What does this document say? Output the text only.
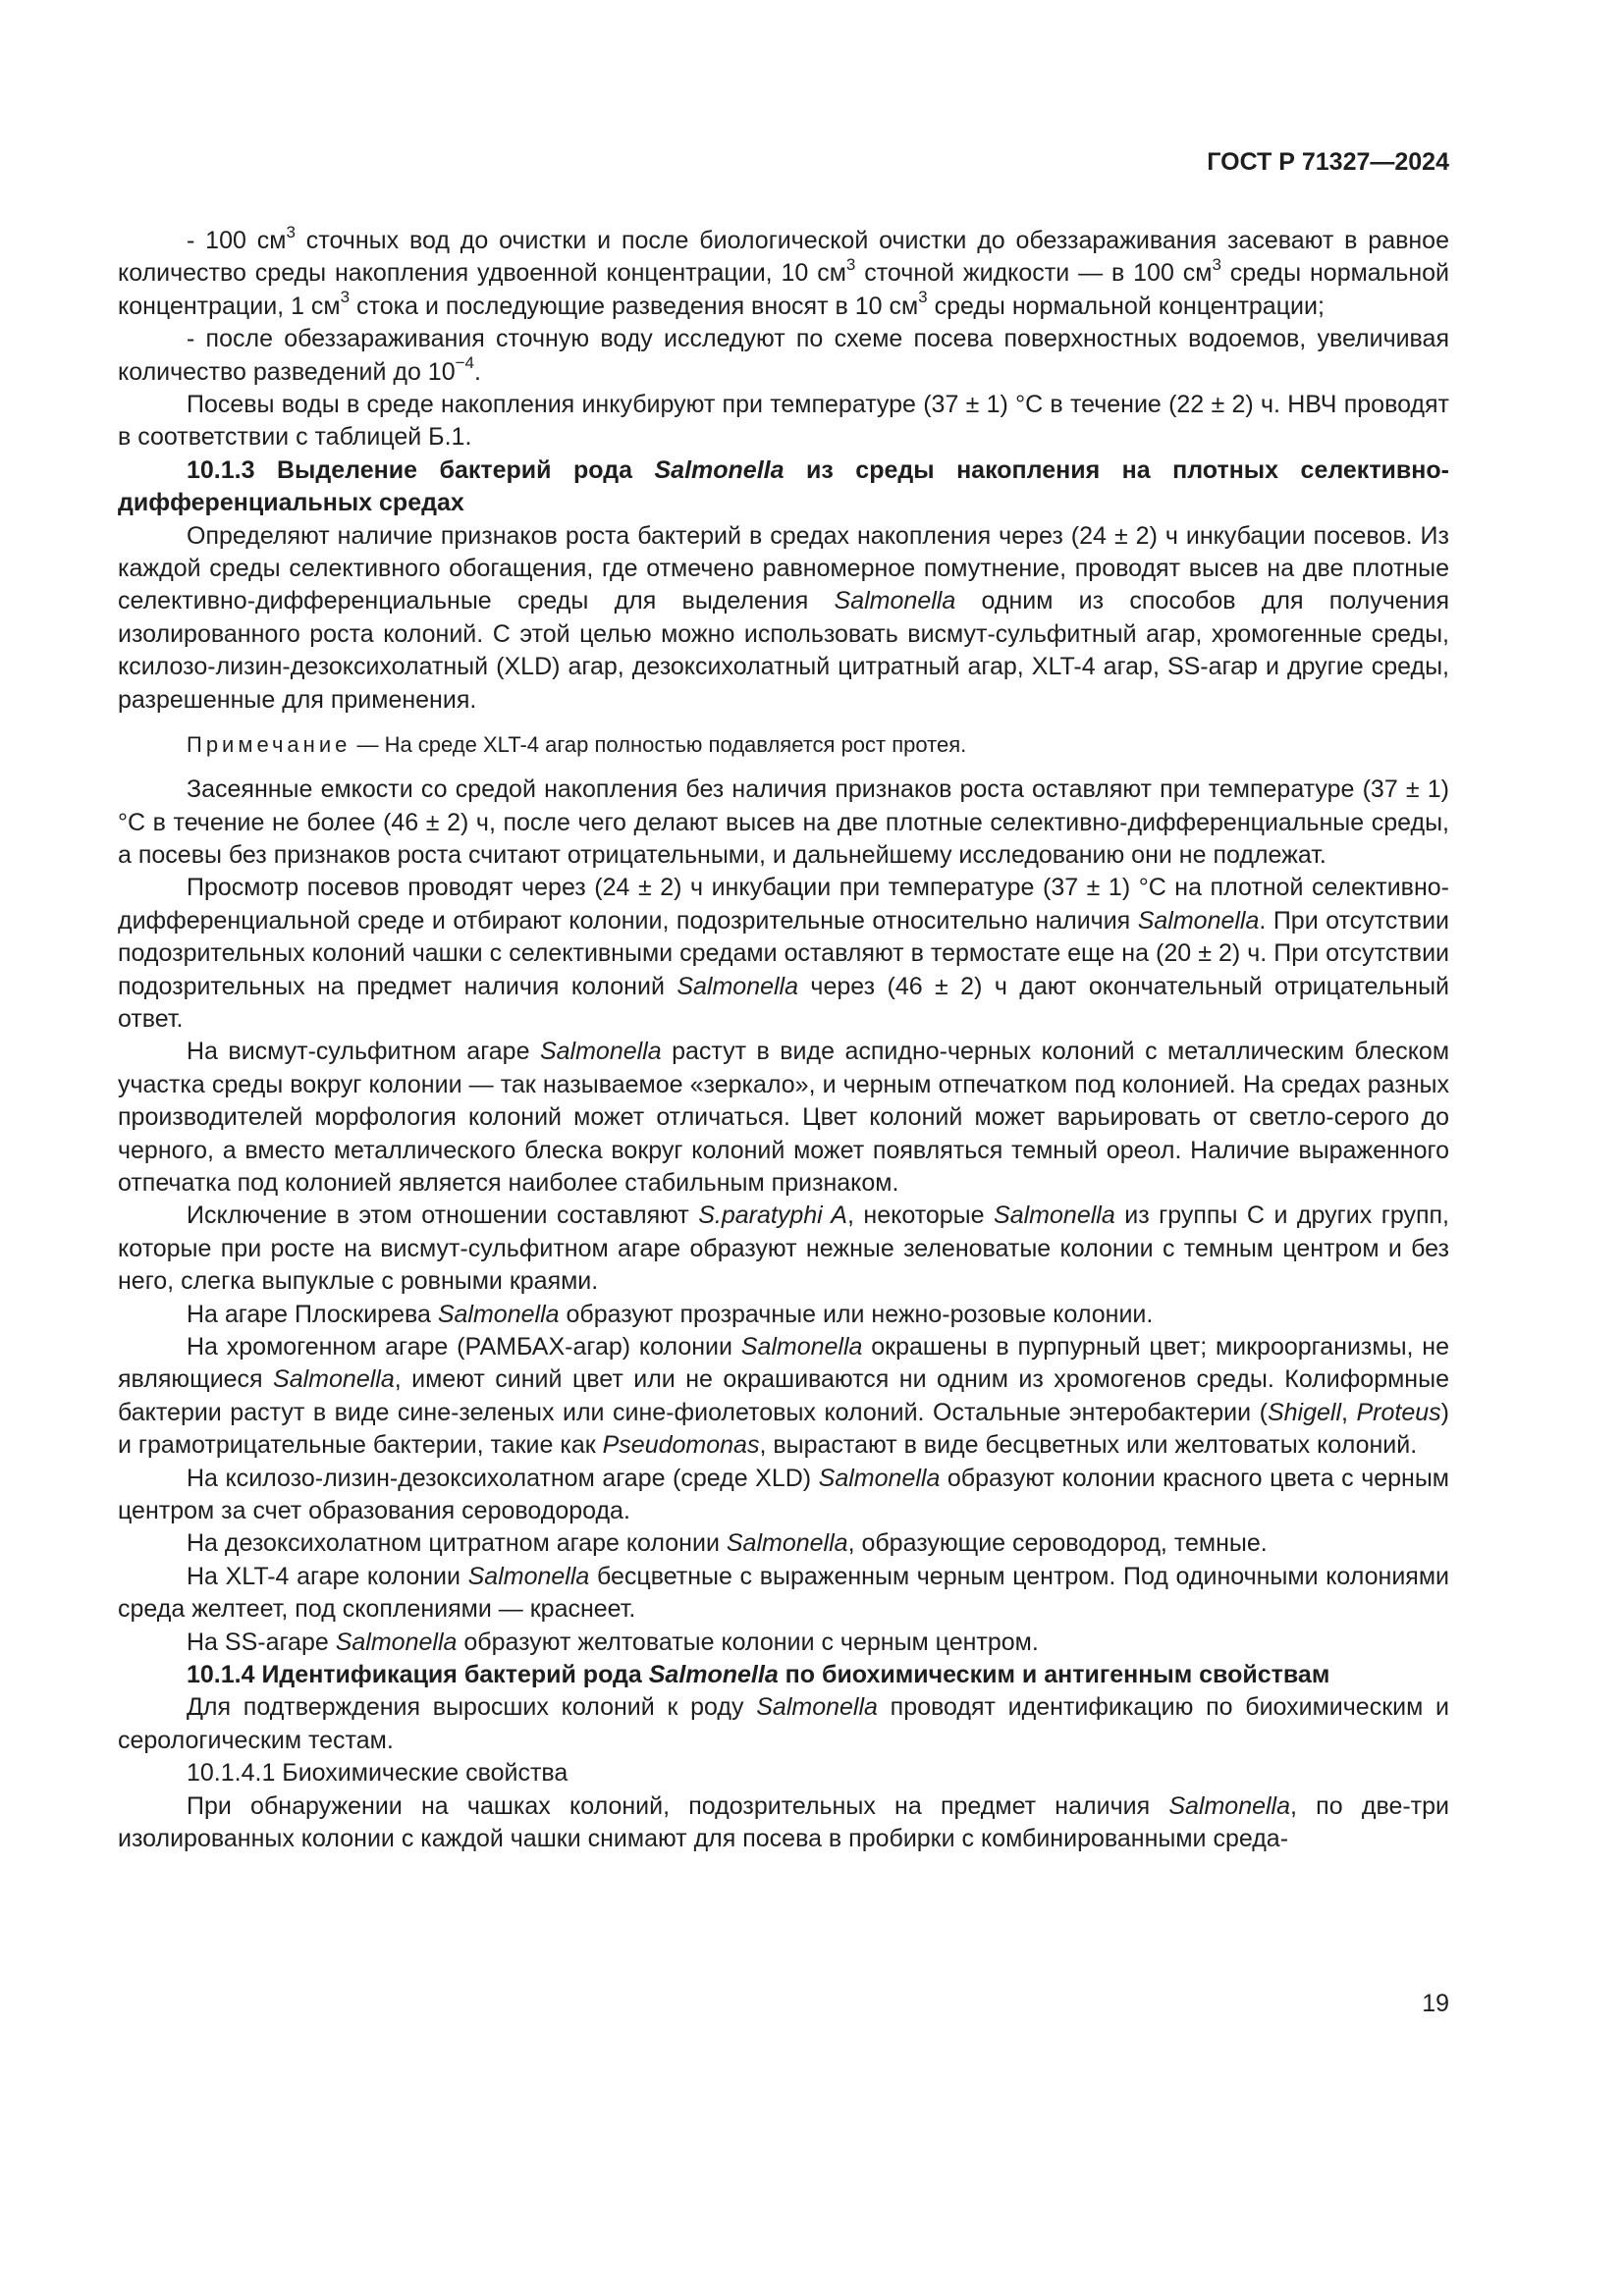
ГОСТ Р 71327—2024

- 100 $см^3$ сточных вод до очистки и после биологической очистки до обеззараживания засевают в равное количество среды накопления удвоенной концентрации, 10 $см^3$ сточной жидкости — в 100 $см^3$ среды нормальной концентрации, 1 $см^3$ стока и последующие разведения вносят в 10 $см^3$ среды нормальной концентрации;

- после обеззараживания сточную воду исследуют по схеме посева поверхностных водоемов, увеличивая количество разведений до $10^{-4}$.

Посевы воды в среде накопления инкубируют при температуре (37 ± 1) °С в течение (22 ± 2) ч. НВЧ проводят в соответствии с таблицей Б.1.

10.1.3 Выделение бактерий рода Salmonella из среды накопления на плотных селективно-дифференциальных средах

Определяют наличие признаков роста бактерий в средах накопления через (24 ± 2) ч инкубации посевов. Из каждой среды селективного обогащения, где отмечено равномерное помутнение, проводят высев на две плотные селективно-дифференциальные среды для выделения Salmonella одним из способов для получения изолированного роста колоний. С этой целью можно использовать висмут-сульфитный агар, хромогенные среды, ксилозо-лизин-дезоксихолатный (XLD) агар, дезоксихолатный цитратный агар, XLT-4 агар, SS-агар и другие среды, разрешенные для применения.

Примечание — На среде XLT-4 агар полностью подавляется рост протея.

Засеянные емкости со средой накопления без наличия признаков роста оставляют при температуре (37 ± 1) °С в течение не более (46 ± 2) ч, после чего делают высев на две плотные селективно-дифференциальные среды, а посевы без признаков роста считают отрицательными, и дальнейшему исследованию они не подлежат.

Просмотр посевов проводят через (24 ± 2) ч инкубации при температуре (37 ± 1) °С на плотной селективно-дифференциальной среде и отбирают колонии, подозрительные относительно наличия Salmonella. При отсутствии подозрительных колоний чашки с селективными средами оставляют в термостате еще на (20 ± 2) ч. При отсутствии подозрительных на предмет наличия колоний Salmonella через (46 ± 2) ч дают окончательный отрицательный ответ.

На висмут-сульфитном агаре Salmonella растут в виде аспидно-черных колоний с металлическим блеском участка среды вокруг колонии — так называемое «зеркало», и черным отпечатком под колонией. На средах разных производителей морфология колоний может отличаться. Цвет колоний может варьировать от светло-серого до черного, а вместо металлического блеска вокруг колоний может появляться темный ореол. Наличие выраженного отпечатка под колонией является наиболее стабильным признаком.

Исключение в этом отношении составляют S.paratyphi A, некоторые Salmonella из группы С и других групп, которые при росте на висмут-сульфитном агаре образуют нежные зеленоватые колонии с темным центром и без него, слегка выпуклые с ровными краями.

На агаре Плоскирева Salmonella образуют прозрачные или нежно-розовые колонии.

На хромогенном агаре (РАМБАХ-агар) колонии Salmonella окрашены в пурпурный цвет; микроорганизмы, не являющиеся Salmonella, имеют синий цвет или не окрашиваются ни одним из хромогенов среды. Колиформные бактерии растут в виде сине-зеленых или сине-фиолетовых колоний. Остальные энтеробактерии (Shigell, Proteus) и грамотрицательные бактерии, такие как Pseudomonas, вырастают в виде бесцветных или желтоватых колоний.

На ксилозо-лизин-дезоксихолатном агаре (среде XLD) Salmonella образуют колонии красного цвета с черным центром за счет образования сероводорода.

На дезоксихолатном цитратном агаре колонии Salmonella, образующие сероводород, темные.

На XLT-4 агаре колонии Salmonella бесцветные с выраженным черным центром. Под одиночными колониями среда желтеет, под скоплениями — краснеет.

На SS-агаре Salmonella образуют желтоватые колонии с черным центром.

10.1.4 Идентификация бактерий рода Salmonella по биохимическим и антигенным свойствам

Для подтверждения выросших колоний к роду Salmonella проводят идентификацию по биохимическим и серологическим тестам.

10.1.4.1 Биохимические свойства

При обнаружении на чашках колоний, подозрительных на предмет наличия Salmonella, по две-три изолированных колонии с каждой чашки снимают для посева в пробирки с комбинированными среда-

19
